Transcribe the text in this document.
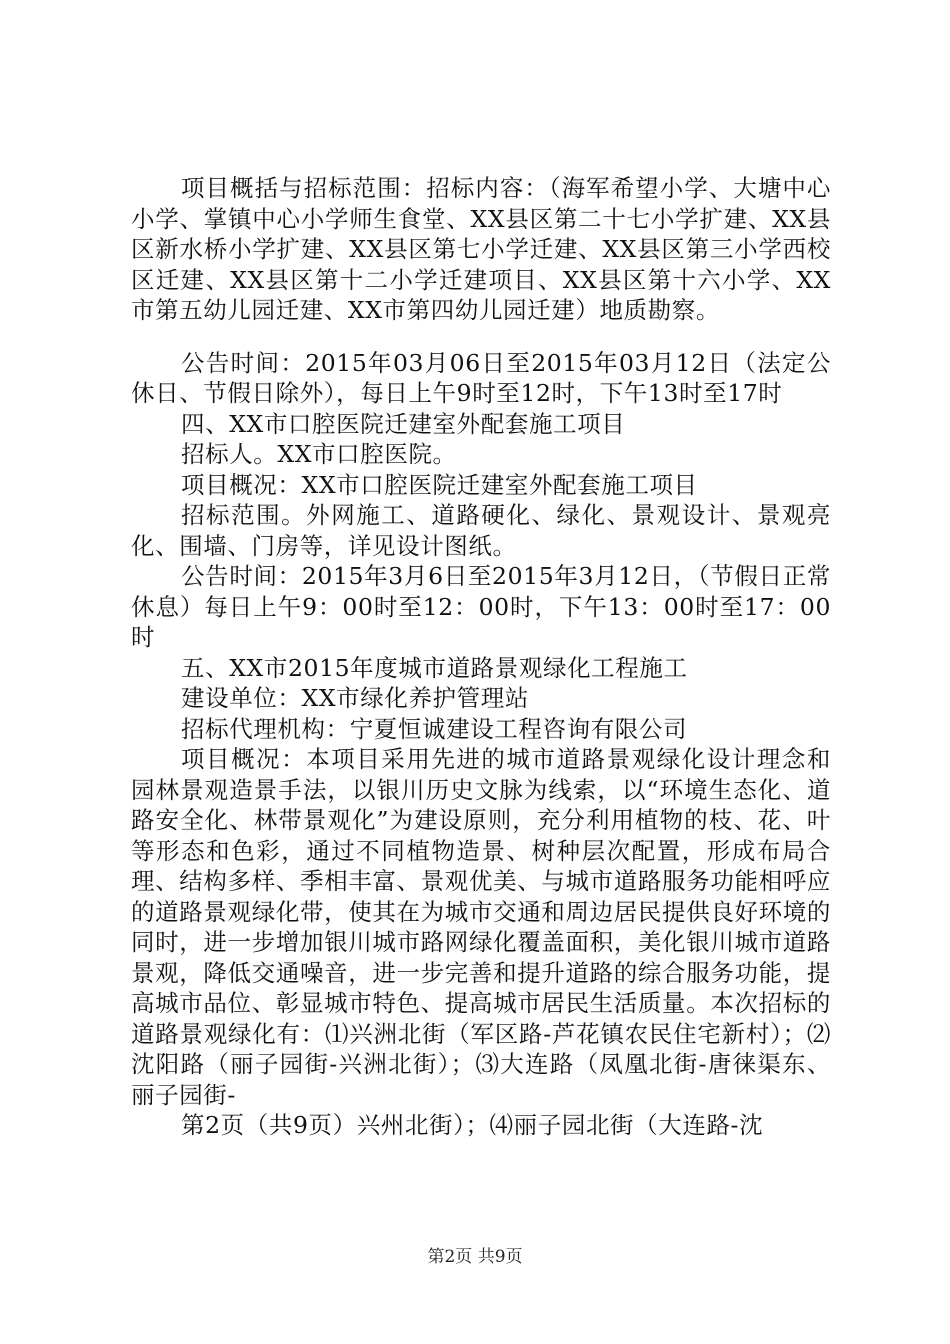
项目概括与招标范围：招标内容：（海军希望小学、大塘中心小学、掌镇中心小学师生食堂、XX县区第二十七小学扩建、XX县区新水桥小学扩建、XX县区第七小学迁建、XX县区第三小学西校区迁建、XX县区第十二小学迁建项目、XX县区第十六小学、XX市第五幼儿园迁建、XX市第四幼儿园迁建）地质勘察。

公告时间：2015年03月06日至2015年03月12日（法定公休日、节假日除外），每日上午9时至12时，下午13时至17时

四、XX市口腔医院迁建室外配套施工项目

招标人。XX市口腔医院。

项目概况：XX市口腔医院迁建室外配套施工项目

招标范围。外网施工、道路硬化、绿化、景观设计、景观亮化、围墙、门房等，详见设计图纸。

公告时间：2015年3月6日至2015年3月12日，（节假日正常休息）每日上午9：00时至12：00时，下午13：00时至17：00时

五、XX市2015年度城市道路景观绿化工程施工

建设单位：XX市绿化养护管理站

招标代理机构：宁夏恒诚建设工程咨询有限公司

项目概况：本项目采用先进的城市道路景观绿化设计理念和园林景观造景手法，以银川历史文脉为线索，以“环境生态化、道路安全化、林带景观化”为建设原则，充分利用植物的枝、花、叶等形态和色彩，通过不同植物造景、树种层次配置，形成布局合理、结构多样、季相丰富、景观优美、与城市道路服务功能相呼应的道路景观绿化带，使其在为城市交通和周边居民提供良好环境的同时，进一步增加银川城市路网绿化覆盖面积，美化银川城市道路景观，降低交通噪音，进一步完善和提升道路的综合服务功能，提高城市品位、彰显城市特色、提高城市居民生活质量。本次招标的道路景观绿化有：⑴兴洲北街（军区路-芦花镇农民住宅新村）；⑵沈阳路（丽子园街-兴洲北街）；⑶大连路（凤凰北街-唐徕渠东、丽子园街-

第2页（共9页）兴州北街）；⑷丽子园北街（大连路-沈

第2页 共9页
